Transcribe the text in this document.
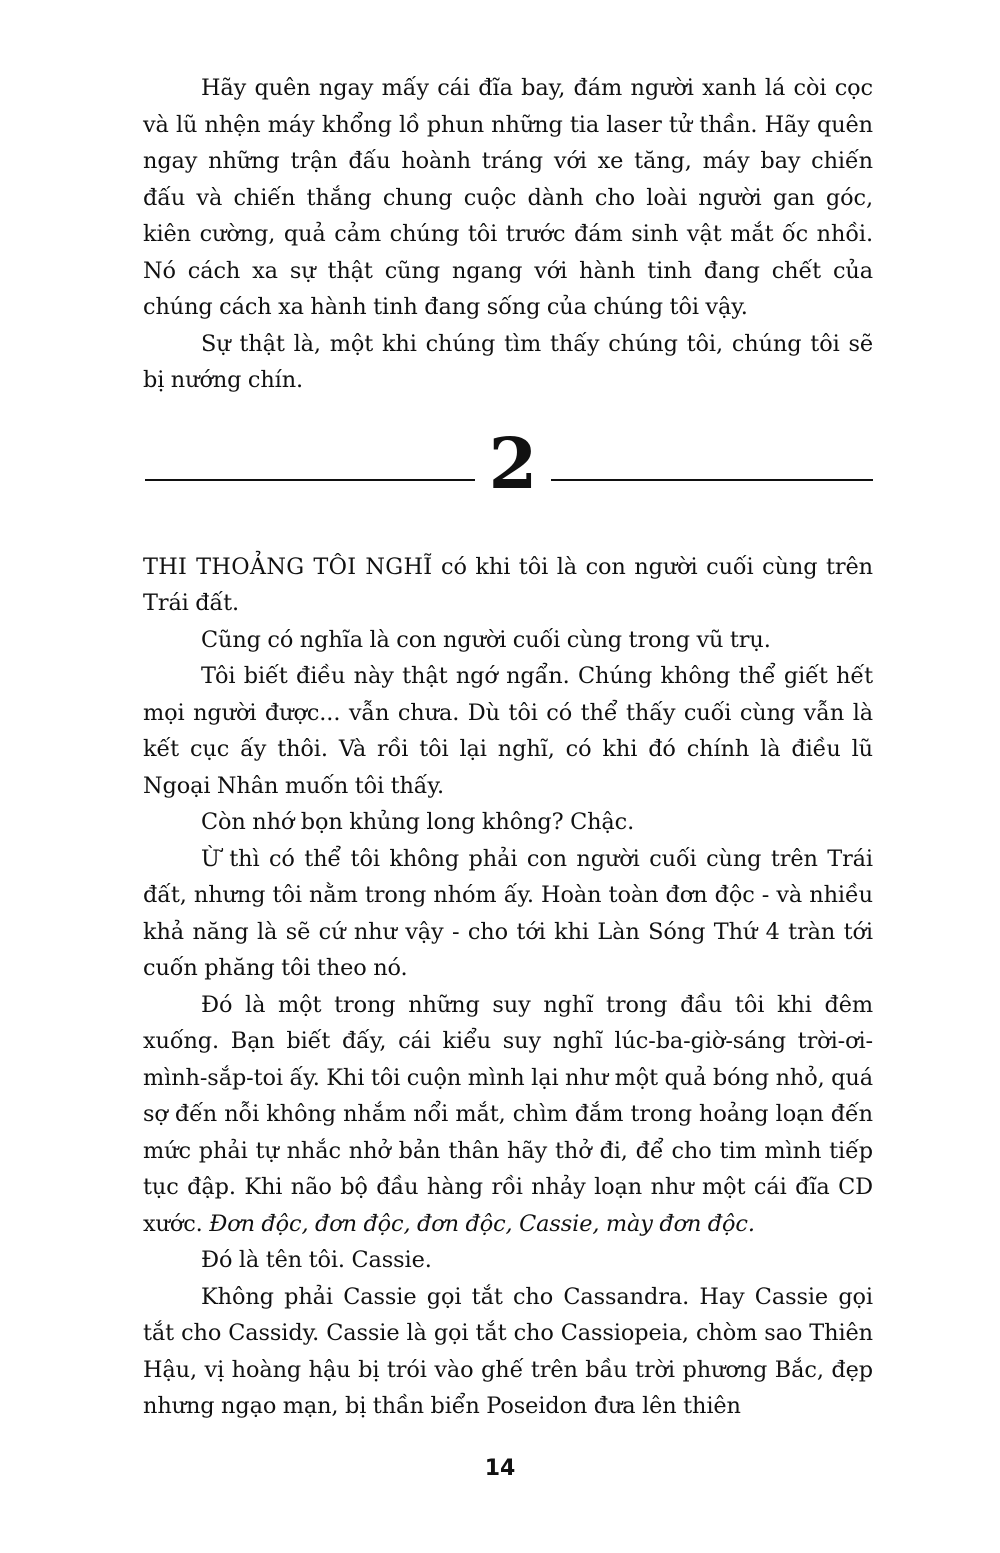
Hãy quên ngay mấy cái đĩa bay, đám người xanh lá còi cọc và lũ nhện máy khổng lồ phun những tia laser tử thần. Hãy quên ngay những trận đấu hoành tráng với xe tăng, máy bay chiến đấu và chiến thắng chung cuộc dành cho loài người gan góc, kiên cường, quả cảm chúng tôi trước đám sinh vật mắt ốc nhồi. Nó cách xa sự thật cũng ngang với hành tinh đang chết của chúng cách xa hành tinh đang sống của chúng tôi vậy.

Sự thật là, một khi chúng tìm thấy chúng tôi, chúng tôi sẽ bị nướng chín.

2

THI THOẢNG TÔI NGHĨ có khi tôi là con người cuối cùng trên Trái đất.

Cũng có nghĩa là con người cuối cùng trong vũ trụ.

Tôi biết điều này thật ngớ ngẩn. Chúng không thể giết hết mọi người được... vẫn chưa. Dù tôi có thể thấy cuối cùng vẫn là kết cục ấy thôi. Và rồi tôi lại nghĩ, có khi đó chính là điều lũ Ngoại Nhân muốn tôi thấy.

Còn nhớ bọn khủng long không? Chậc.

Ừ thì có thể tôi không phải con người cuối cùng trên Trái đất, nhưng tôi nằm trong nhóm ấy. Hoàn toàn đơn độc - và nhiều khả năng là sẽ cứ như vậy - cho tới khi Làn Sóng Thứ 4 tràn tới cuốn phăng tôi theo nó.

Đó là một trong những suy nghĩ trong đầu tôi khi đêm xuống. Bạn biết đấy, cái kiểu suy nghĩ lúc-ba-giờ-sáng trời-ơi-mình-sắp-toi ấy. Khi tôi cuộn mình lại như một quả bóng nhỏ, quá sợ đến nỗi không nhắm nổi mắt, chìm đắm trong hoảng loạn đến mức phải tự nhắc nhở bản thân hãy thở đi, để cho tim mình tiếp tục đập. Khi não bộ đầu hàng rồi nhảy loạn như một cái đĩa CD xước. Đơn độc, đơn độc, đơn độc, Cassie, mày đơn độc.

Đó là tên tôi. Cassie.

Không phải Cassie gọi tắt cho Cassandra. Hay Cassie gọi tắt cho Cassidy. Cassie là gọi tắt cho Cassiopeia, chòm sao Thiên Hậu, vị hoàng hậu bị trói vào ghế trên bầu trời phương Bắc, đẹp nhưng ngạo mạn, bị thần biển Poseidon đưa lên thiên

14
